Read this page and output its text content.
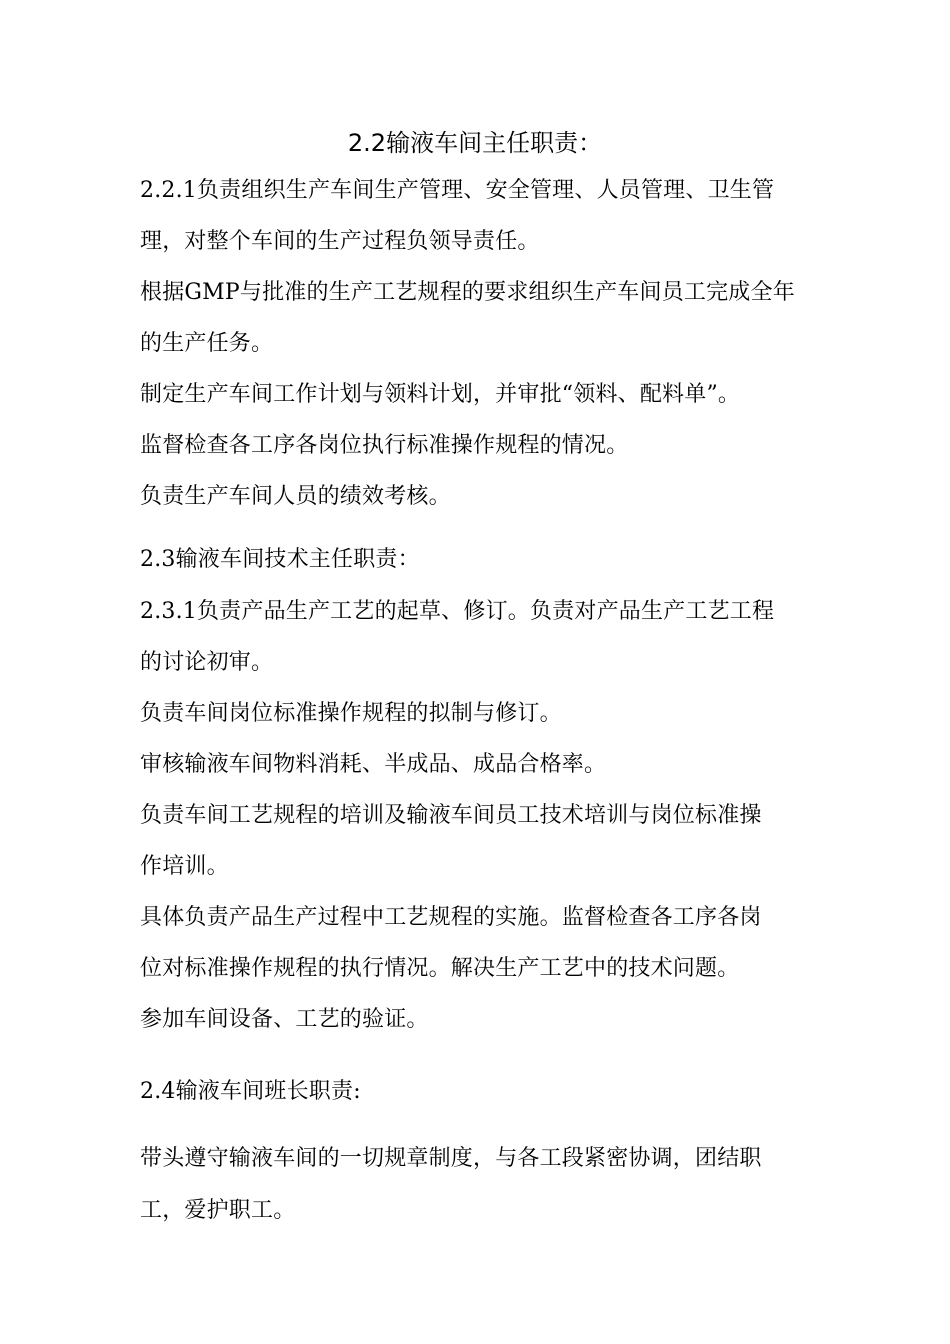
2.2输液车间主任职责：
2.2.1负责组织生产车间生产管理、安全管理、人员管理、卫生管
理，对整个车间的生产过程负领导责任。
根据GMP与批准的生产工艺规程的要求组织生产车间员工完成全年
的生产任务。
制定生产车间工作计划与领料计划，并审批“领料、配料单”。
监督检查各工序各岗位执行标准操作规程的情况。
负责生产车间人员的绩效考核。
2.3输液车间技术主任职责：
2.3.1负责产品生产工艺的起草、修订。负责对产品生产工艺工程
的讨论初审。
负责车间岗位标准操作规程的拟制与修订。
审核输液车间物料消耗、半成品、成品合格率。
负责车间工艺规程的培训及输液车间员工技术培训与岗位标准操
作培训。
具体负责产品生产过程中工艺规程的实施。监督检查各工序各岗
位对标准操作规程的执行情况。解决生产工艺中的技术问题。
参加车间设备、工艺的验证。
2.4输液车间班长职责:
带头遵守输液车间的一切规章制度，与各工段紧密协调，团结职
工，爱护职工。
